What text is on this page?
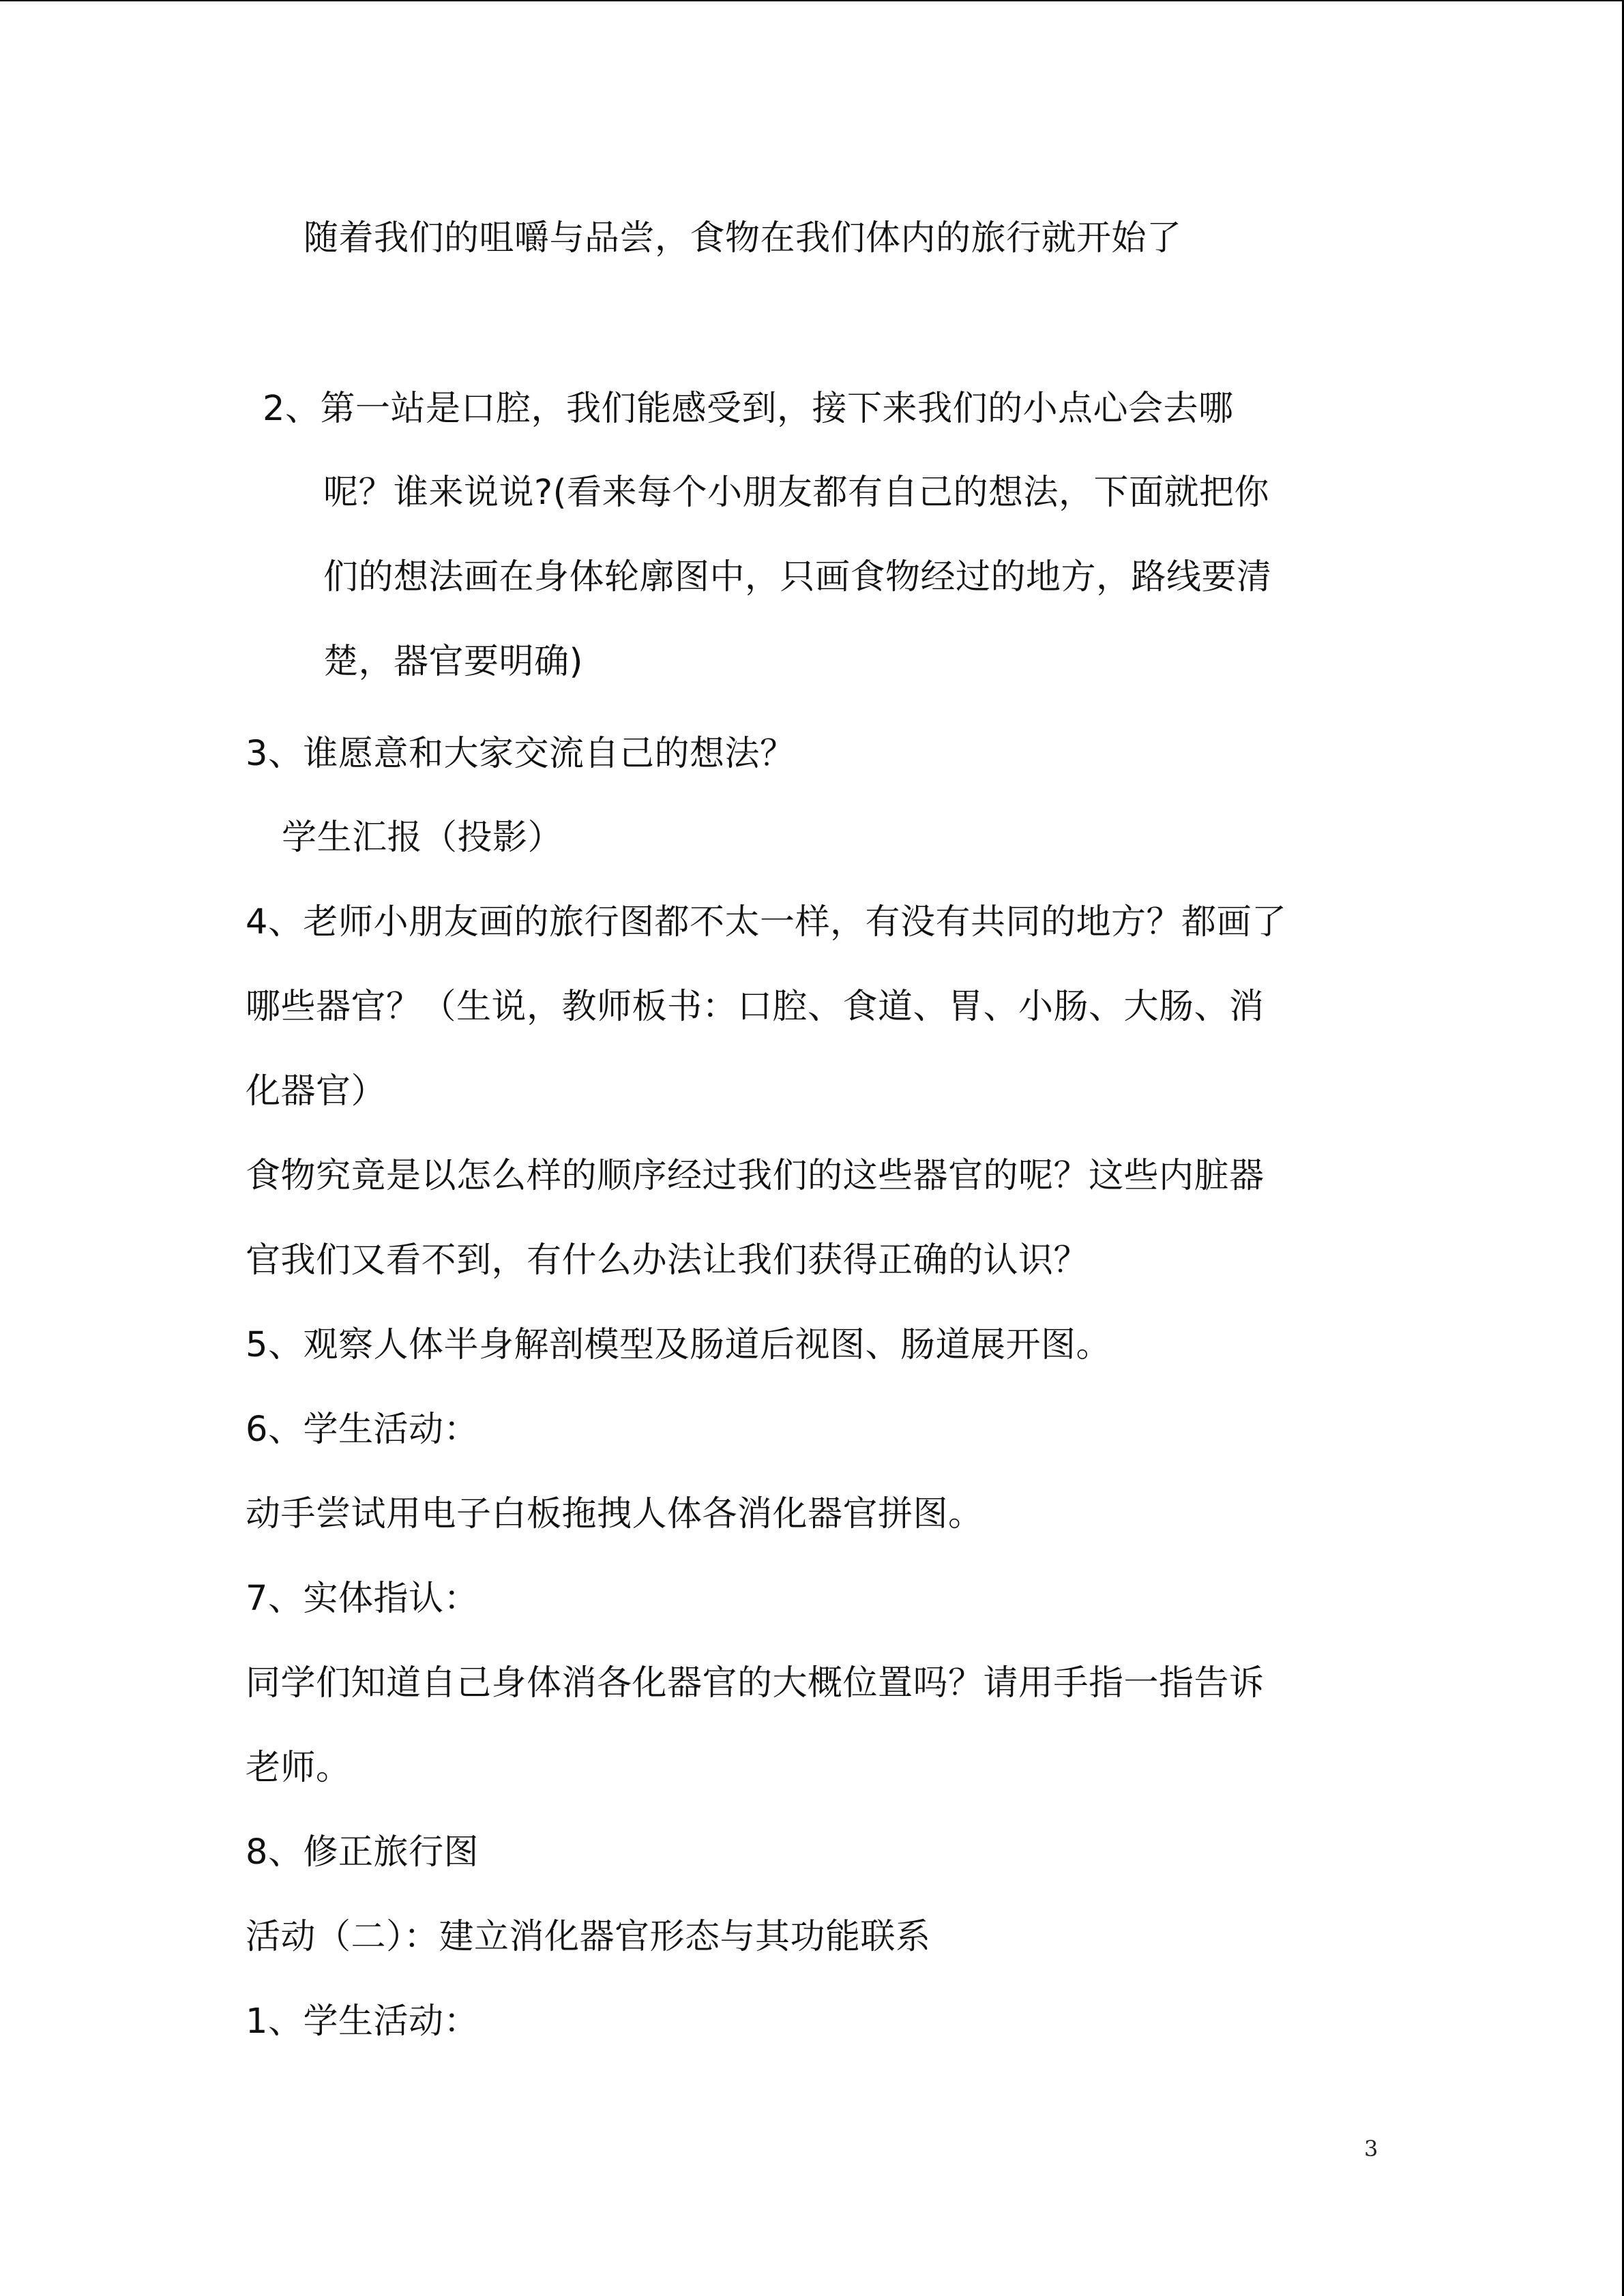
随着我们的咀嚼与品尝，食物在我们体内的旅行就开始了

2、第一站是口腔，我们能感受到，接下来我们的小点心会去哪

呢？谁来说说?(看来每个小朋友都有自己的想法，下面就把你

们的想法画在身体轮廓图中，只画食物经过的地方，路线要清

楚，器官要明确)

3、谁愿意和大家交流自己的想法？

学生汇报（投影）

4、老师小朋友画的旅行图都不太一样，有没有共同的地方？都画了

哪些器官？（生说，教师板书：口腔、食道、胃、小肠、大肠、消

化器官）

食物究竟是以怎么样的顺序经过我们的这些器官的呢？这些内脏器

官我们又看不到，有什么办法让我们获得正确的认识？

5、观察人体半身解剖模型及肠道后视图、肠道展开图。

6、学生活动：

动手尝试用电子白板拖拽人体各消化器官拼图。

7、实体指认：

同学们知道自己身体消各化器官的大概位置吗？请用手指一指告诉

老师。

8、修正旅行图

活动（二）：建立消化器官形态与其功能联系

1、学生活动：

3
